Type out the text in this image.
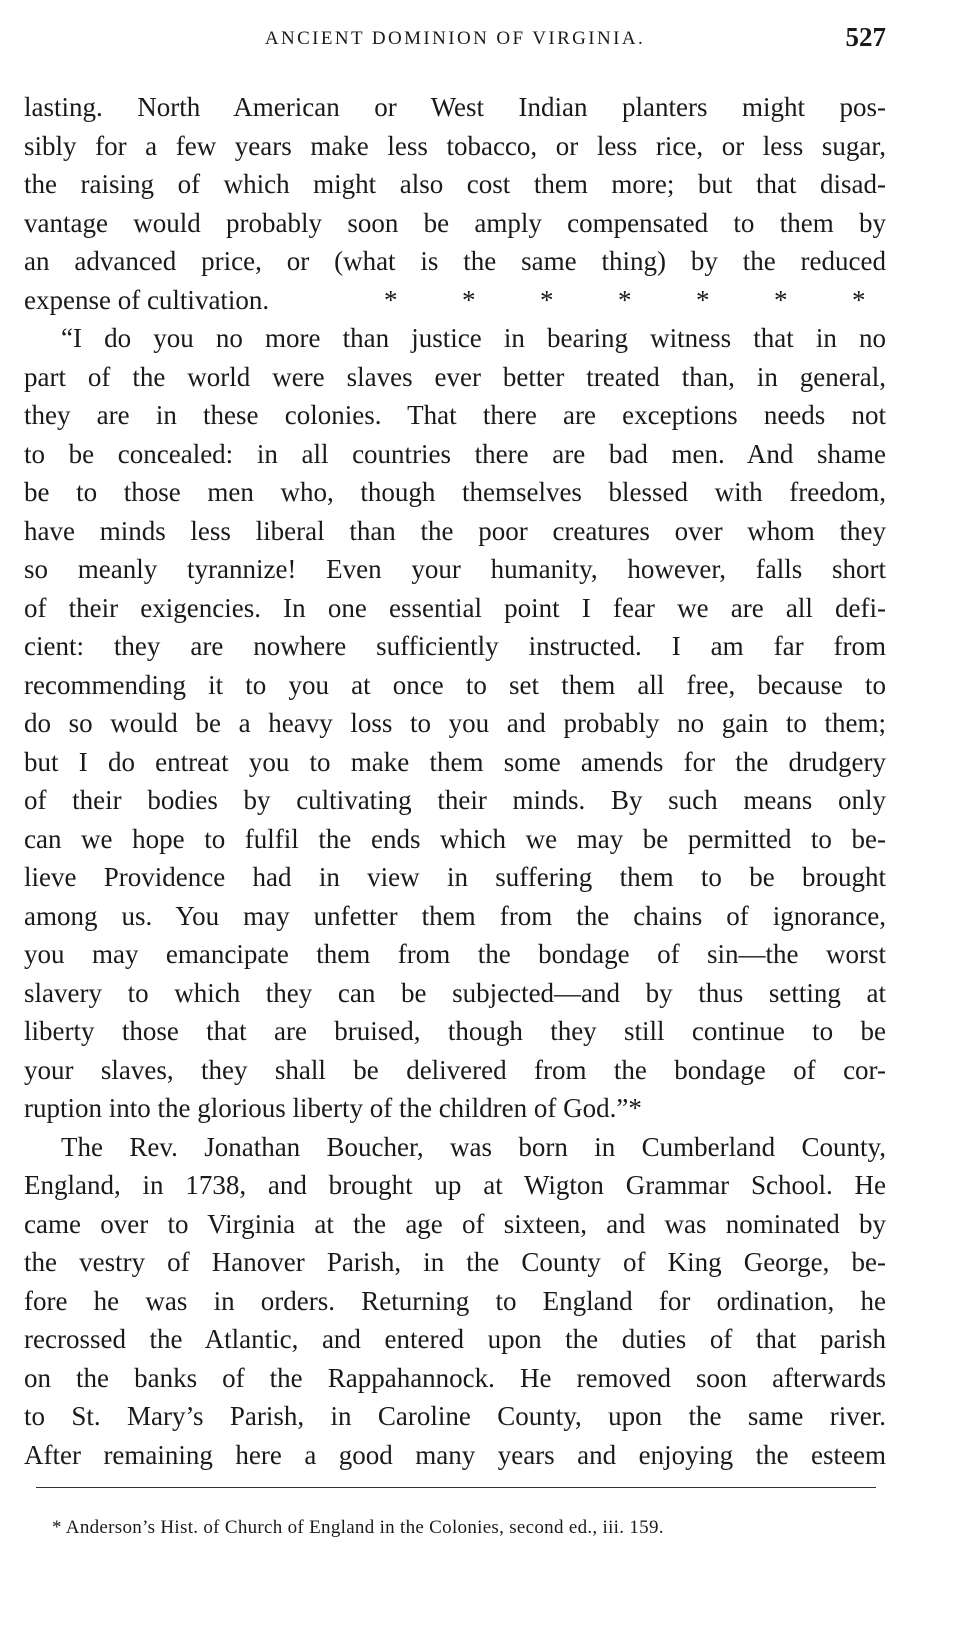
ANCIENT DOMINION OF VIRGINIA.	527
lasting. North American or West Indian planters might pos-
sibly for a few years make less tobacco, or less rice, or less sugar,
the raising of which might also cost them more; but that disad-
vantage would probably soon be amply compensated to them by
an advanced price, or (what is the same thing) by the reduced
expense of cultivation.	* * * * * * *
“I do you no more than justice in bearing witness that in no
part of the world were slaves ever better treated than, in general,
they are in these colonies. That there are exceptions needs not
to be concealed: in all countries there are bad men. And shame
be to those men who, though themselves blessed with freedom,
have minds less liberal than the poor creatures over whom they
so meanly tyrannize! Even your humanity, however, falls short
of their exigencies. In one essential point I fear we are all defi-
cient: they are nowhere sufficiently instructed. I am far from
recommending it to you at once to set them all free, because to
do so would be a heavy loss to you and probably no gain to them;
but I do entreat you to make them some amends for the drudgery
of their bodies by cultivating their minds. By such means only
can we hope to fulfil the ends which we may be permitted to be-
lieve Providence had in view in suffering them to be brought
among us. You may unfetter them from the chains of ignorance,
you may emancipate them from the bondage of sin—the worst
slavery to which they can be subjected—and by thus setting at
liberty those that are bruised, though they still continue to be
your slaves, they shall be delivered from the bondage of cor-
ruption into the glorious liberty of the children of God.”*
The Rev. Jonathan Boucher, was born in Cumberland County,
England, in 1738, and brought up at Wigton Grammar School. He
came over to Virginia at the age of sixteen, and was nominated by
the vestry of Hanover Parish, in the County of King George, be-
fore he was in orders. Returning to England for ordination, he
recrossed the Atlantic, and entered upon the duties of that parish
on the banks of the Rappahannock. He removed soon afterwards
to St. Mary’s Parish, in Caroline County, upon the same river.
After remaining here a good many years and enjoying the esteem
* Anderson’s Hist. of Church of England in the Colonies, second ed., iii. 159.
